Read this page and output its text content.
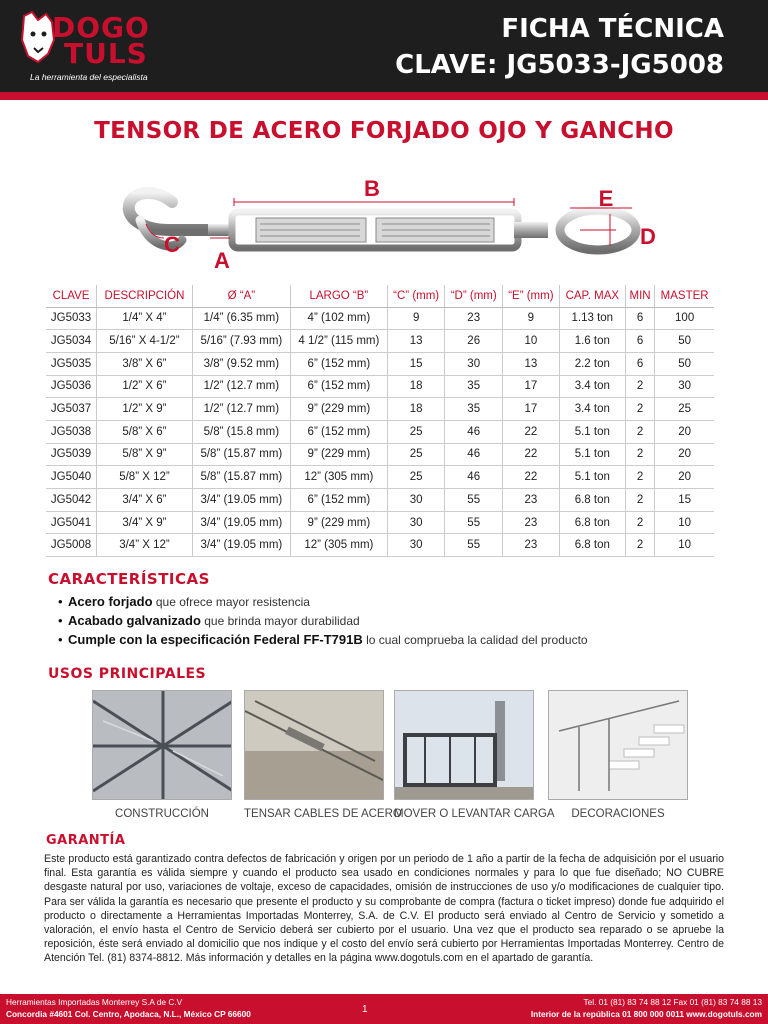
DOGO
TULS
La herramienta del especialista
FICHA TÉCNICA
CLAVE: JG5033-JG5008
TENSOR DE ACERO FORJADO OJO Y GANCHO
B	E
D
C
A
CLAVE	DESCRIPCIÓN	Ø “A”	LARGO “B”	“C” (mm)	“D” (mm)	“E” (mm)	CAP. MAX	MIN	MASTER
JG5033	1/4” X 4”	1/4” (6.35 mm)	4” (102 mm)	9	23	9	1.13 ton	6	100
JG5034	5/16” X 4-1/2”	5/16” (7.93 mm)	4 1/2” (115 mm)	13	26	10	1.6 ton	6	50
JG5035	3/8” X 6”	3/8” (9.52 mm)	6” (152 mm)	15	30	13	2.2 ton	6	50
JG5036	1/2” X 6”	1/2” (12.7 mm)	6” (152 mm)	18	35	17	3.4 ton	2	30
JG5037	1/2” X 9”	1/2” (12.7 mm)	9” (229 mm)	18	35	17	3.4 ton	2	25
JG5038	5/8” X 6”	5/8” (15.8 mm)	6” (152 mm)	25	46	22	5.1 ton	2	20
JG5039	5/8” X 9”	5/8” (15.87 mm)	9” (229 mm)	25	46	22	5.1 ton	2	20
JG5040	5/8” X 12”	5/8” (15.87 mm)	12” (305 mm)	25	46	22	5.1 ton	2	20
JG5042	3/4” X 6”	3/4” (19.05 mm)	6” (152 mm)	30	55	23	6.8 ton	2	15
JG5041	3/4” X 9”	3/4” (19.05 mm)	9” (229 mm)	30	55	23	6.8 ton	2	10
JG5008	3/4” X 12”	3/4” (19.05 mm)	12” (305 mm)	30	55	23	6.8 ton	2	10
CARACTERÍSTICAS
• Acero forjado que ofrece mayor resistencia
• Acabado galvanizado que brinda mayor durabilidad
• Cumple con la especificación Federal FF-T791B lo cual comprueba la calidad del producto
USOS PRINCIPALES
CONSTRUCCIÓN	TENSAR CABLES DE ACERO
MOVER O LEVANTAR CARGA	DECORACIONES
GARANTÍA
Este producto está garantizado contra defectos de fabricación y origen por un periodo de 1 año a partir de la fecha de adquisición por el usuario final. Esta garantía es válida siempre y cuando el producto sea usado en condiciones normales y para lo que fue diseñado; NO CUBRE desgaste natural por uso, variaciones de voltaje, exceso de capacidades, omisión de instrucciones de uso y/o modificaciones de cualquier tipo. Para ser válida la garantía es necesario que presente el producto y su comprobante de compra (factura o ticket impreso) donde fue adquirido el producto o directamente a Herramientas Importadas Monterrey, S.A. de C.V. El producto será enviado al Centro de Servicio y sometido a valoración, el envío hasta el Centro de Servicio deberá ser cubierto por el usuario. Una vez que el producto sea reparado o se apruebe la reposición, éste será enviado al domicilio que nos indique y el costo del envío será cubierto por Herramientas Importadas Monterrey. Centro de Atención Tel. (81) 8374-8812. Más información y detalles en la página www.dogotuls.com en el apartado de garantía.
Herramientas Importadas Monterrey S.A de C.V
Concordia #4601 Col. Centro, Apodaca, N.L., México CP 66600	1
Tel. 01 (81) 83 74 88 12 Fax 01 (81) 83 74 88 13
Interior de la república 01 800 000 0011 www.dogotuls.com
